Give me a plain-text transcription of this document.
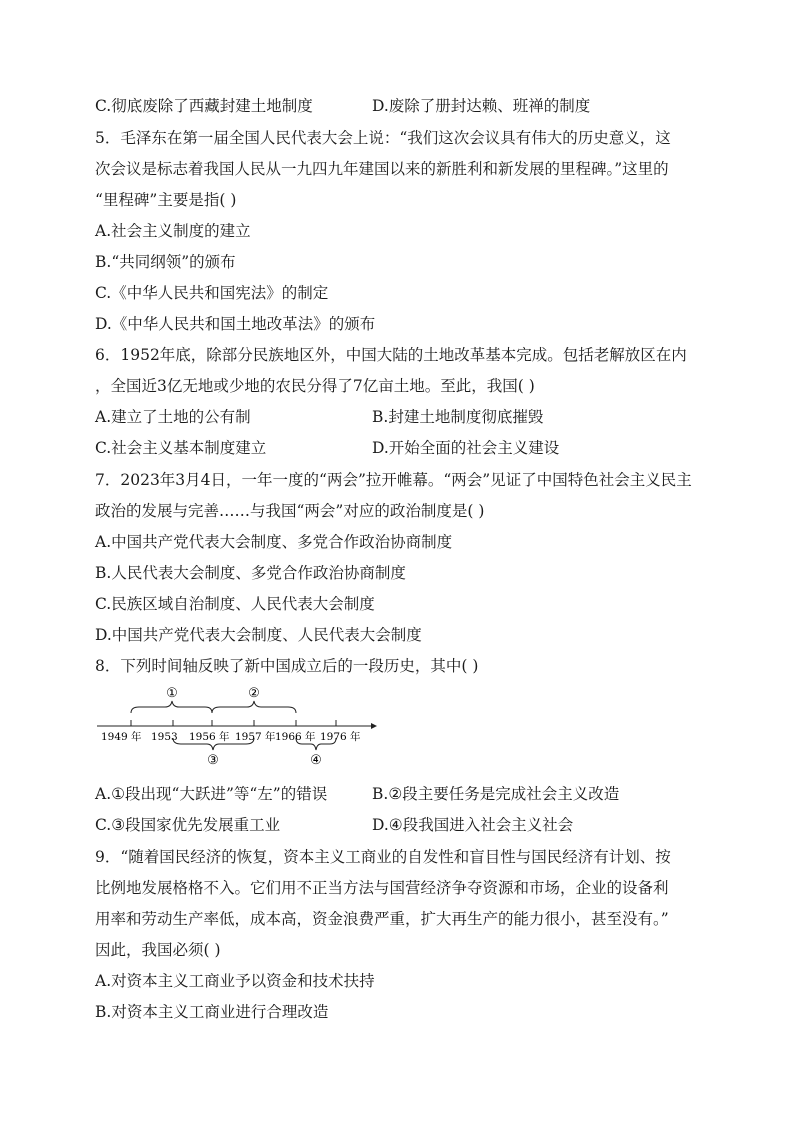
C.彻底废除了西藏封建土地制度	D.废除了册封达赖、班禅的制度
5．毛泽东在第一届全国人民代表大会上说：“我们这次会议具有伟大的历史意义，这
次会议是标志着我国人民从一九四九年建国以来的新胜利和新发展的里程碑。”这里的
“里程碑”主要是指( )
A.社会主义制度的建立
B.“共同纲领”的颁布
C.《中华人民共和国宪法》的制定
D.《中华人民共和国土地改革法》的颁布
6．1952年底，除部分民族地区外，中国大陆的土地改革基本完成。包括老解放区在内
，全国近3亿无地或少地的农民分得了7亿亩土地。至此，我国( )
A.建立了土地的公有制	B.封建土地制度彻底摧毁
C.社会主义基本制度建立	D.开始全面的社会主义建设
7．2023年3月4日，一年一度的“两会”拉开帷幕。“两会”见证了中国特色社会主义民主
政治的发展与完善……与我国“两会”对应的政治制度是( )
A.中国共产党代表大会制度、多党合作政治协商制度
B.人民代表大会制度、多党合作政治协商制度
C.民族区域自治制度、人民代表大会制度
D.中国共产党代表大会制度、人民代表大会制度
8．下列时间轴反映了新中国成立后的一段历史，其中( )
①	②
③	④
1949 年 1953 1956 年 1957 年 1966 年 1976 年
A.①段出现“大跃进”等“左”的错误	B.②段主要任务是完成社会主义改造
C.③段国家优先发展重工业	D.④段我国进入社会主义社会
9．“随着国民经济的恢复，资本主义工商业的自发性和盲目性与国民经济有计划、按
比例地发展格格不入。它们用不正当方法与国营经济争夺资源和市场，企业的设备利
用率和劳动生产率低，成本高，资金浪费严重，扩大再生产的能力很小，甚至没有。”
因此，我国必须( )
A.对资本主义工商业予以资金和技术扶持
B.对资本主义工商业进行合理改造
